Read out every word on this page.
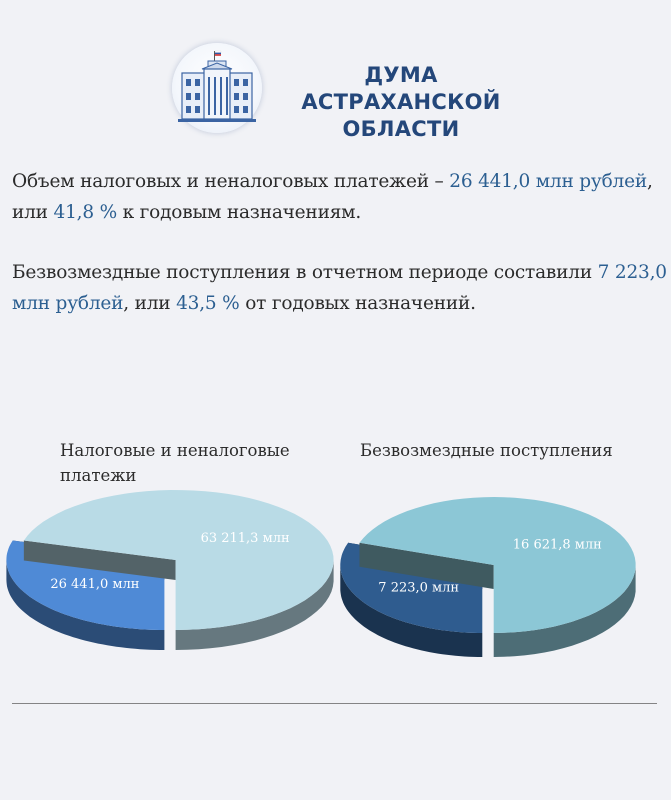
ДУМА АСТРАХАНСКОЙ
ОБЛАСТИ
Объем налоговых и неналоговых платежей – 26 441,0 млн рублей, или 41,8 % к годовым назначениям.
Безвозмездные поступления в отчетном периоде составили 7 223,0 млн рублей, или 43,5 % от годовых назначений.
Налоговые и неналоговые платежи
Безвозмездные поступления
26 441,0 млн
63 211,3 млн
7 223,0 млн
16 621,8 млн
